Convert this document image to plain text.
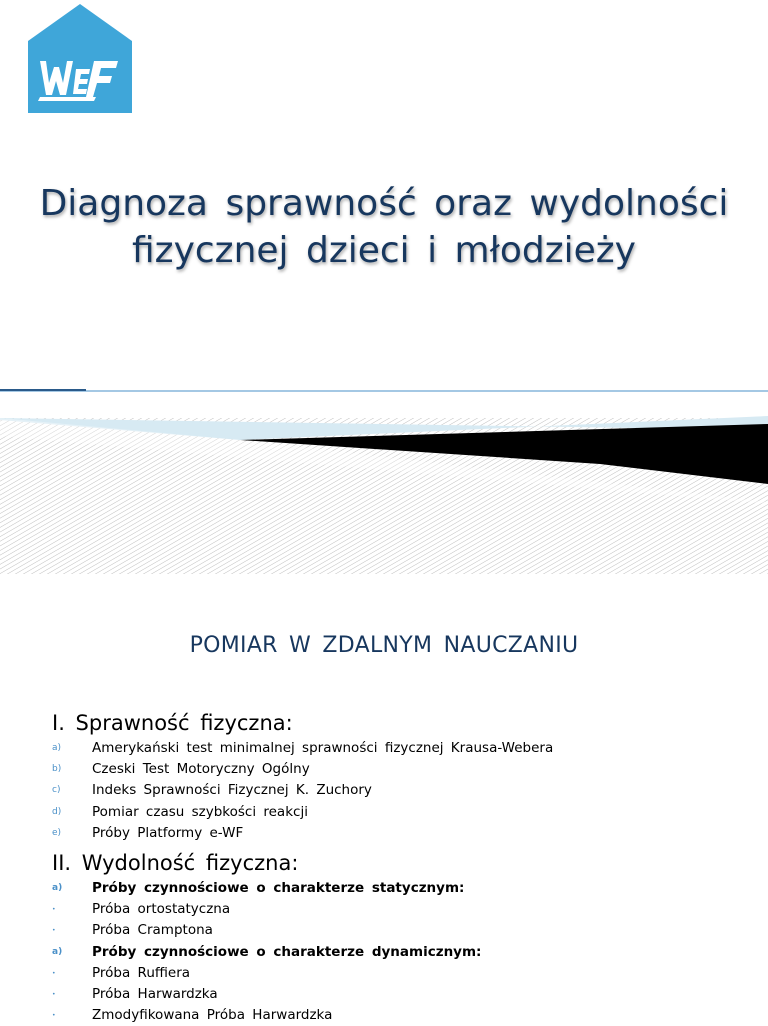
Diagnoza sprawność oraz wydolności
fizycznej dzieci i młodzieży
POMIAR W ZDALNYM NAUCZANIU
I. Sprawność fizyczna:
a) Amerykański test minimalnej sprawności fizycznej Krausa-Webera
b) Czeski Test Motoryczny Ogólny
c) Indeks Sprawności Fizycznej K. Zuchory
d) Pomiar czasu szybkości reakcji
e) Próby Platformy e-WF
II. Wydolność fizyczna:
a) Próby czynnościowe o charakterze statycznym:
•	Próba ortostatyczna
•	Próba Cramptona
a) Próby czynnościowe o charakterze dynamicznym:
•	Próba Ruffiera
•	Próba Harwardzka
•	Zmodyfikowana Próba Harwardzka
